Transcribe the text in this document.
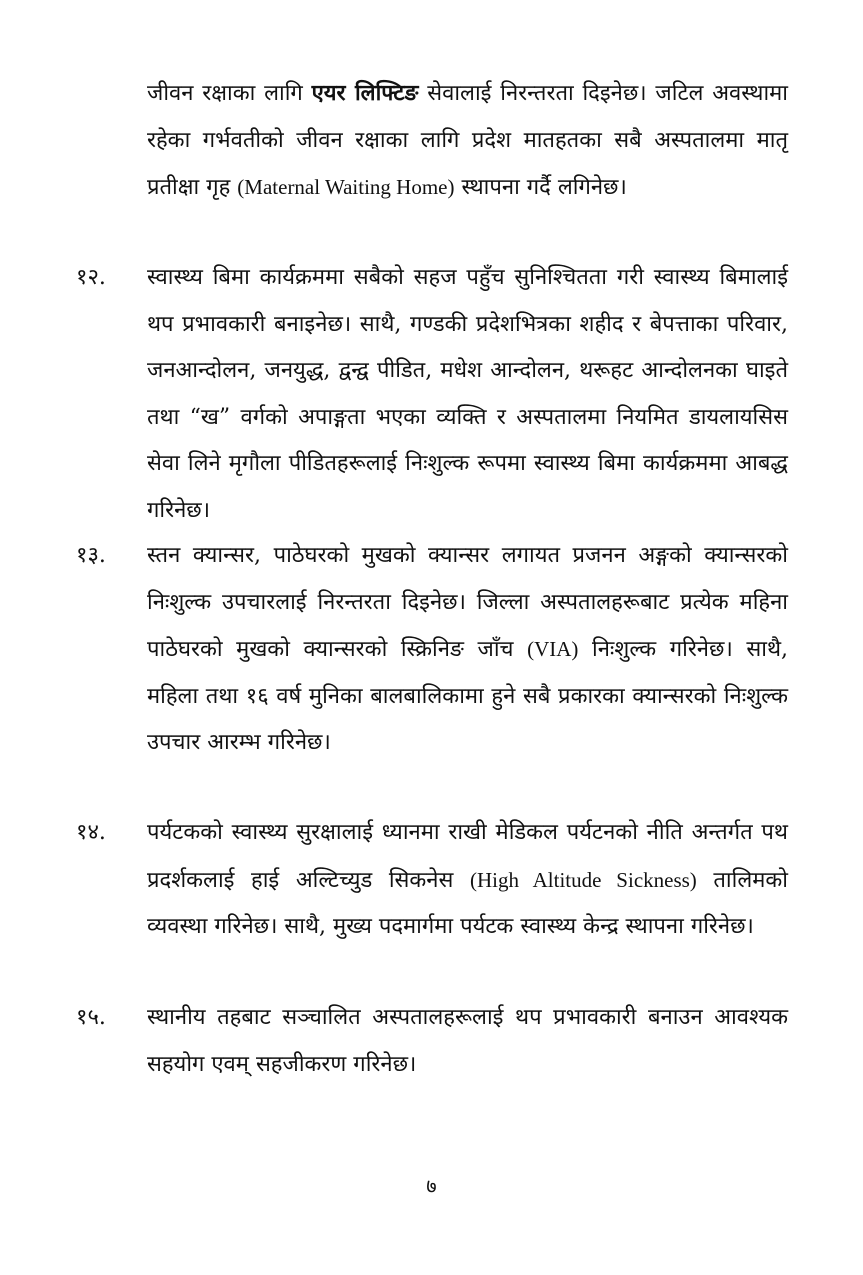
जीवन रक्षाका लागि एयर लिफ्टिङ सेवालाई निरन्तरता दिइनेछ। जटिल अवस्थामा रहेका गर्भवतीको जीवन रक्षाका लागि प्रदेश मातहतका सबै अस्पतालमा मातृ प्रतीक्षा गृह (Maternal Waiting Home) स्थापना गर्दै लगिनेछ।

१२. स्वास्थ्य बिमा कार्यक्रममा सबैको सहज पहुँच सुनिश्चितता गरी स्वास्थ्य बिमालाई थप प्रभावकारी बनाइनेछ। साथै, गण्डकी प्रदेशभित्रका शहीद र बेपत्ताका परिवार, जनआन्दोलन, जनयुद्ध, द्वन्द्व पीडित, मधेश आन्दोलन, थरूहट आन्दोलनका घाइते तथा “ख” वर्गको अपाङ्गता भएका व्यक्ति र अस्पतालमा नियमित डायलायसिस सेवा लिने मृगौला पीडितहरूलाई निःशुल्क रूपमा स्वास्थ्य बिमा कार्यक्रममा आबद्ध गरिनेछ।

१३. स्तन क्यान्सर, पाठेघरको मुखको क्यान्सर लगायत प्रजनन अङ्गको क्यान्सरको निःशुल्क उपचारलाई निरन्तरता दिइनेछ। जिल्ला अस्पतालहरूबाट प्रत्येक महिना पाठेघरको मुखको क्यान्सरको स्क्रिनिङ जाँच (VIA) निःशुल्क गरिनेछ। साथै, महिला तथा १६ वर्ष मुनिका बालबालिकामा हुने सबै प्रकारका क्यान्सरको निःशुल्क उपचार आरम्भ गरिनेछ।

१४. पर्यटकको स्वास्थ्य सुरक्षालाई ध्यानमा राखी मेडिकल पर्यटनको नीति अन्तर्गत पथ प्रदर्शकलाई हाई अल्टिच्युड सिकनेस (High Altitude Sickness) तालिमको व्यवस्था गरिनेछ। साथै, मुख्य पदमार्गमा पर्यटक स्वास्थ्य केन्द्र स्थापना गरिनेछ।

१५. स्थानीय तहबाट सञ्चालित अस्पतालहरूलाई थप प्रभावकारी बनाउन आवश्यक सहयोग एवम् सहजीकरण गरिनेछ।

७
